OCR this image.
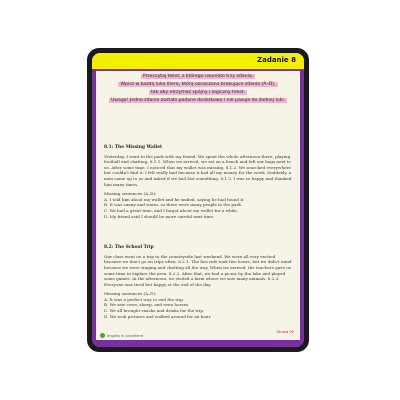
Zadanie 8
Przeczytaj tekst, z którego usunięto trzy zdania.
Wpisz w każdą lukę literę, którą oznaczono brakujące zdanie (A–D),
tak aby otrzymać spójny i logiczny tekst.
Uwaga! Jedno zdanie zostało podane dodatkowo i nie pasuje do żadnej luki.

8.1: The Missing Wallet

Yesterday, I went to the park with my friend. We spent the whole afternoon there, playing football and chatting. 8.1.1. When we arrived, we sat on a bench and left our bags next to us. After some time, I noticed that my wallet was missing. 8.1.2. We searched everywhere but couldn't find it. I felt really bad because it had all my money for the week. Suddenly, a man came up to us and asked if we had lost something. 8.1.3. I was so happy and thanked him many times.

Missing sentences (A–D):

A. I told him about my wallet and he smiled, saying he had found it.

B. It was sunny and warm, so there were many people in the park.

C. We had a great time, and I forgot about my wallet for a while.

D. My friend said I should be more careful next time.

8.2: The School Trip

Our class went on a trip to the countryside last weekend. We were all very excited because we don't go on trips often. 8.2.1. The bus ride took two hours, but we didn't mind because we were singing and chatting all the way. When we arrived, the teachers gave us some time to explore the area. 8.2.2. After that, we had a picnic by the lake and played some games. In the afternoon, we visited a farm where we saw many animals. 8.2.3. Everyone was tired but happy at the end of the day.

Missing sentences (A–D):

A. It was a perfect way to end the trip.

B. We saw cows, sheep, and even horses.

C. We all brought snacks and drinks for the trip.

D. We took pictures and walked around for an hour.

english in anywhere
Strona 92
